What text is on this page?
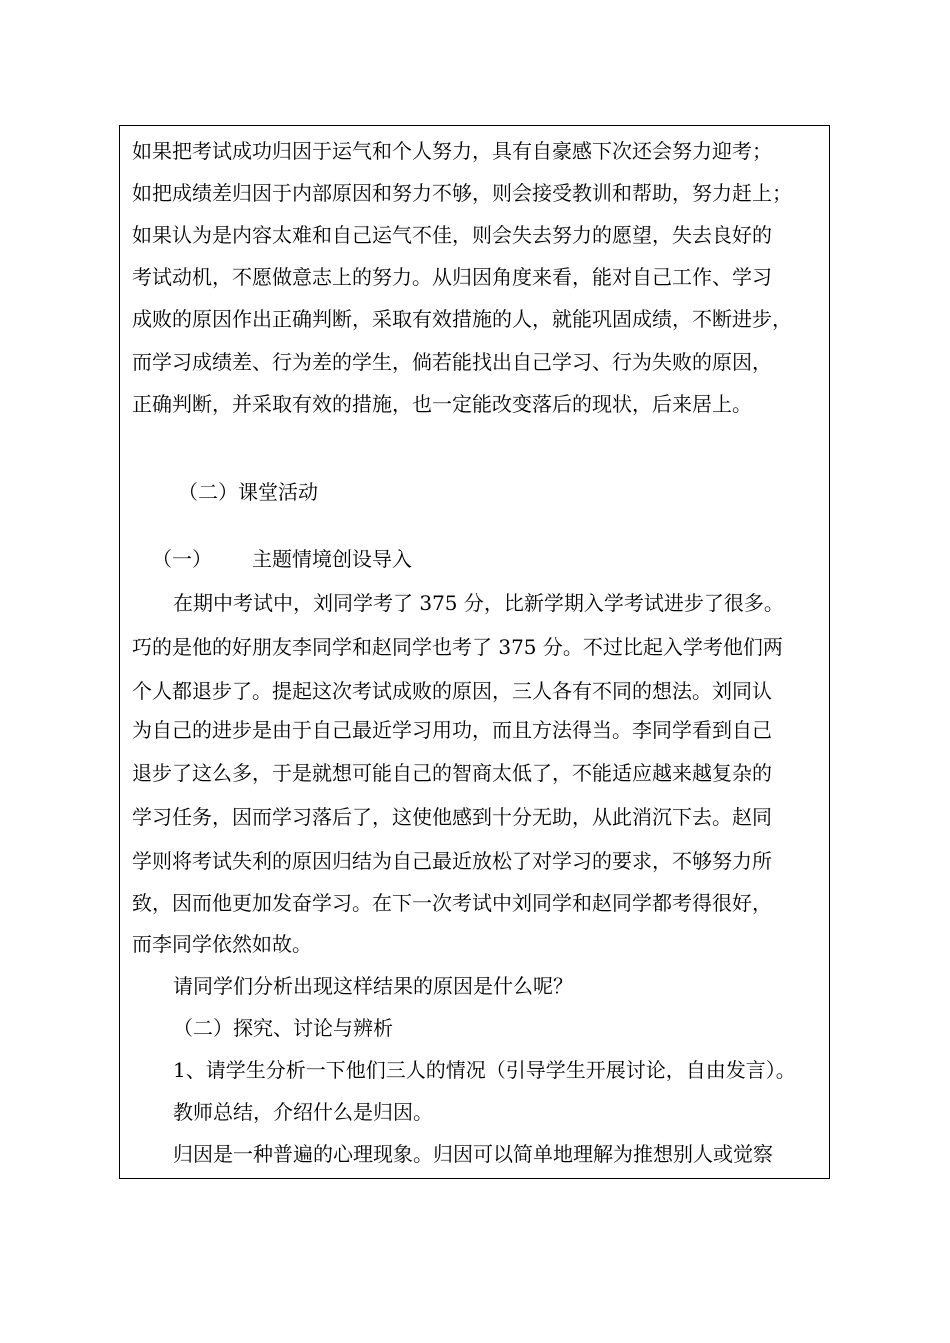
如果把考试成功归因于运气和个人努力，具有自豪感下次还会努力迎考；
如把成绩差归因于内部原因和努力不够，则会接受教训和帮助，努力赶上；
如果认为是内容太难和自己运气不佳，则会失去努力的愿望，失去良好的
考试动机，不愿做意志上的努力。从归因角度来看，能对自己工作、学习
成败的原因作出正确判断，采取有效措施的人，就能巩固成绩，不断进步，
而学习成绩差、行为差的学生，倘若能找出自己学习、行为失败的原因，
正确判断，并采取有效的措施，也一定能改变落后的现状，后来居上。
（二）课堂活动
（一） 主题情境创设导入
在期中考试中，刘同学考了 375 分，比新学期入学考试进步了很多。
巧的是他的好朋友李同学和赵同学也考了 375 分。不过比起入学考他们两
个人都退步了。提起这次考试成败的原因，三人各有不同的想法。刘同认
为自己的进步是由于自己最近学习用功，而且方法得当。李同学看到自己
退步了这么多，于是就想可能自己的智商太低了，不能适应越来越复杂的
学习任务，因而学习落后了，这使他感到十分无助，从此消沉下去。赵同
学则将考试失利的原因归结为自己最近放松了对学习的要求，不够努力所
致，因而他更加发奋学习。在下一次考试中刘同学和赵同学都考得很好，
而李同学依然如故。
请同学们分析出现这样结果的原因是什么呢？
（二）探究、讨论与辨析
1、请学生分析一下他们三人的情况（引导学生开展讨论，自由发言）。
教师总结，介绍什么是归因。
归因是一种普遍的心理现象。归因可以简单地理解为推想别人或觉察
